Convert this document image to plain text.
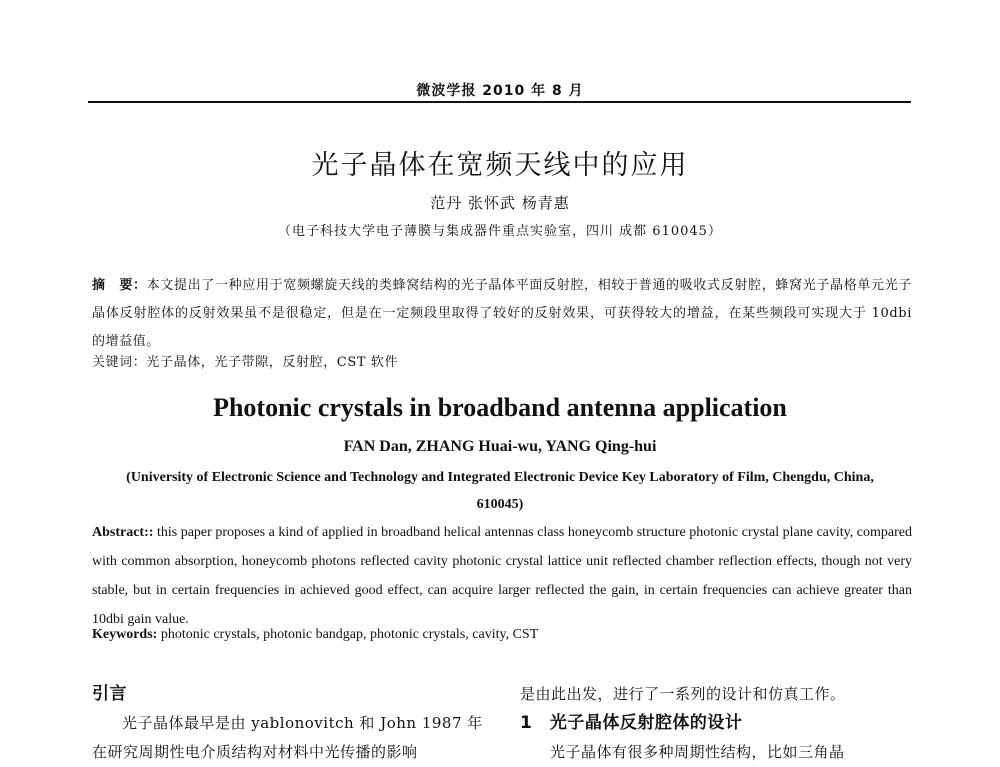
微波学报 2010 年 8 月
光子晶体在宽频天线中的应用
范丹 张怀武 杨青惠
（电子科技大学电子薄膜与集成器件重点实验室，四川 成都 610045）
摘　要：本文提出了一种应用于宽频螺旋天线的类蜂窝结构的光子晶体平面反射腔，相较于普通的吸收式反射腔，蜂窝光子晶格单元光子晶体反射腔体的反射效果虽不是很稳定，但是在一定频段里取得了较好的反射效果，可获得较大的增益，在某些频段可实现大于 10dbi 的增益值。
关键词：光子晶体，光子带隙，反射腔，CST 软件
Photonic crystals in broadband antenna application
FAN Dan, ZHANG Huai-wu, YANG Qing-hui
(University of Electronic Science and Technology and Integrated Electronic Device Key Laboratory of Film, Chengdu, China, 610045)
Abstract:: this paper proposes a kind of applied in broadband helical antennas class honeycomb structure photonic crystal plane cavity, compared with common absorption, honeycomb photons reflected cavity photonic crystal lattice unit reflected chamber reflection effects, though not very stable, but in certain frequencies in achieved good effect, can acquire larger reflected the gain, in certain frequencies can achieve greater than 10dbi gain value.
Keywords: photonic crystals, photonic bandgap, photonic crystals, cavity, CST
引言
光子晶体最早是由 yablonovitch 和 John 1987 年在研究周期性电介质结构对材料中光传播的影响
是由此出发，进行了一系列的设计和仿真工作。
1　光子晶体反射腔体的设计
光子晶体有很多种周期性结构，比如三角晶
